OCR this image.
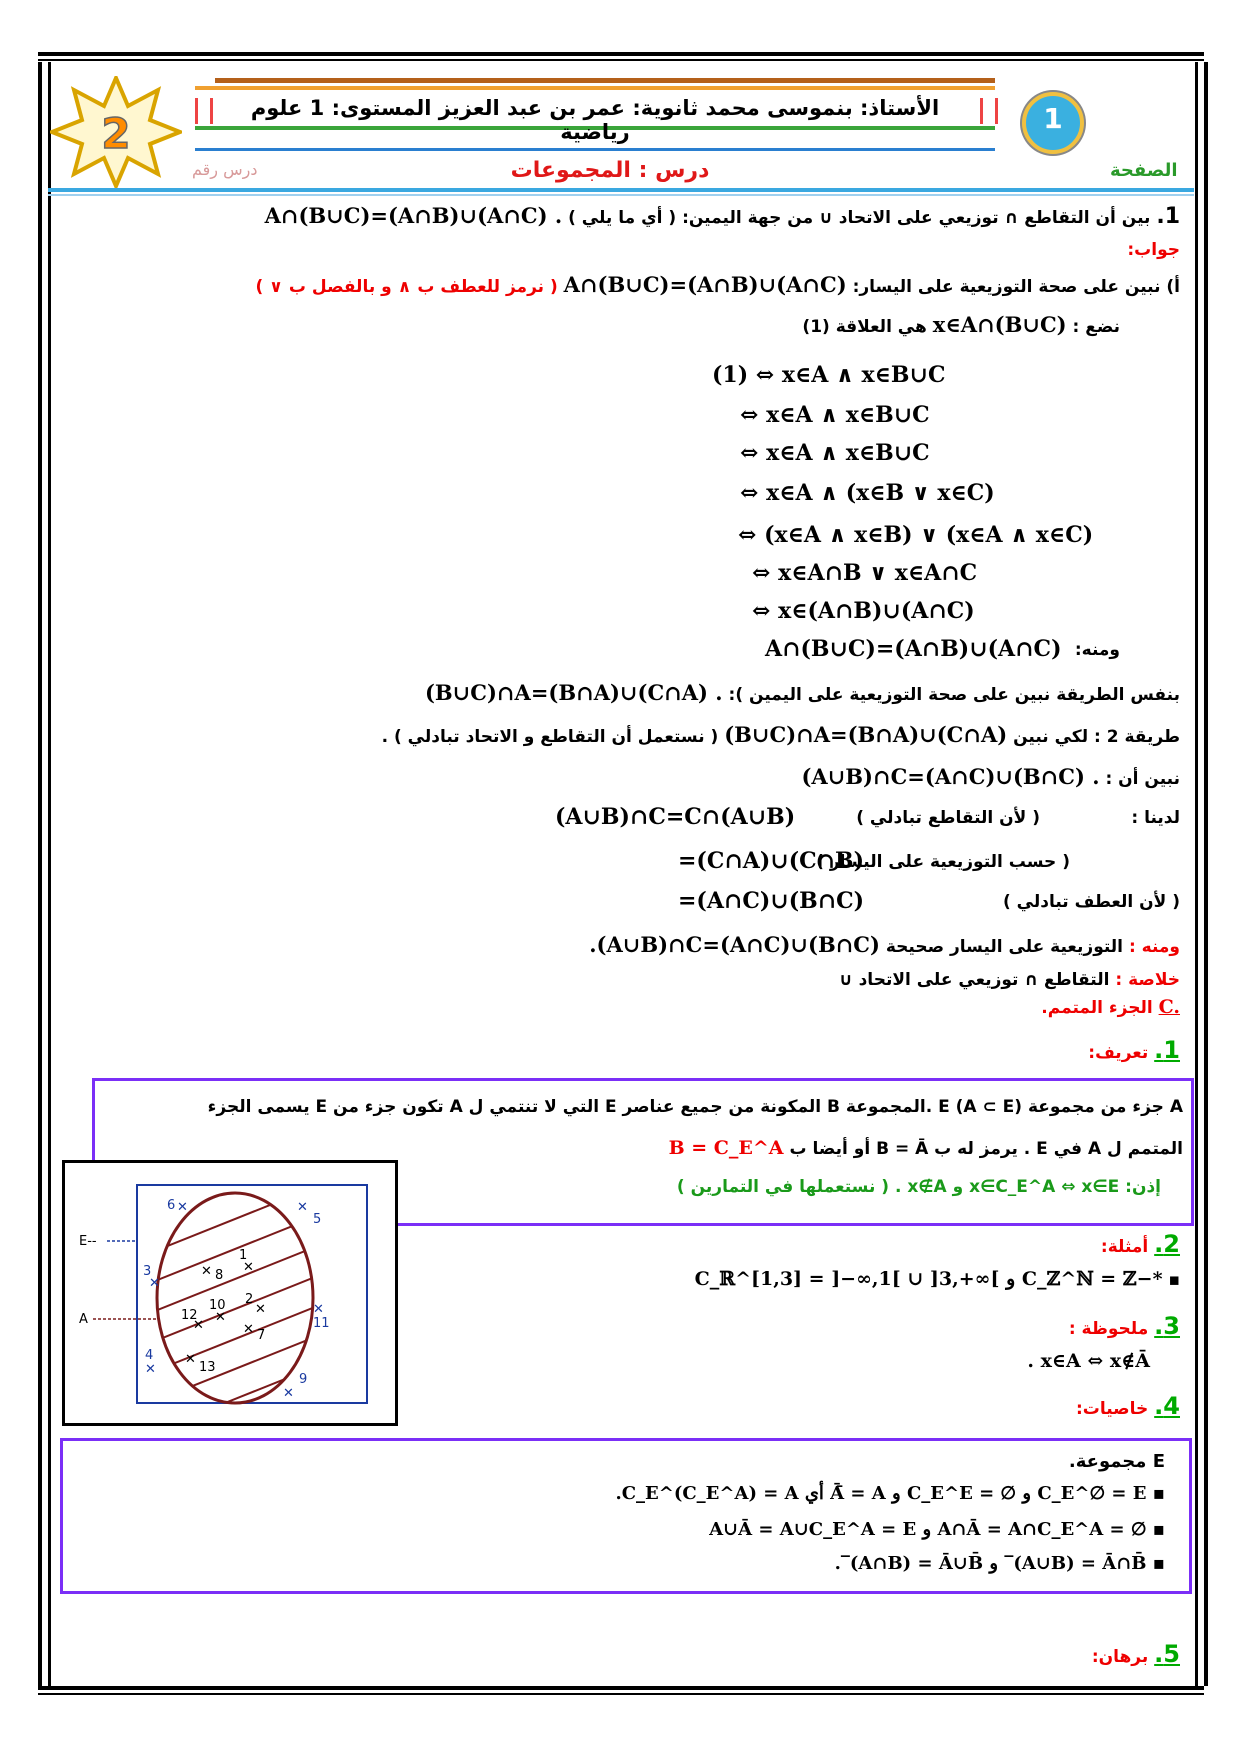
2
الأستاذ: بنموسى محمد ثانوية: عمر بن عبد العزيز المستوى: 1 علوم رياضية	1
الصفحة
درس : المجموعات
درس رقم
1. بين أن التقاطع ∩ توزيعي على الاتحاد ∪ من جهة اليمين: ( أي ما يلي ) A∩(B∪C)=(A∩B)∪(A∩C) .
جواب:
أ) نبين على صحة التوزيعية على اليسار: A∩(B∪C)=(A∩B)∪(A∩C) ( نرمز للعطف ب ∧ و بالفصل ب ∨ )
نضع : x∈A∩(B∪C) هي العلاقة (1)
(1) ⇔ x∈A ∧ x∈B∪C
⇔ x∈A ∧ x∈B∪C
⇔ x∈A ∧ x∈B∪C
⇔ x∈A ∧ (x∈B ∨ x∈C)
⇔ (x∈A ∧ x∈B) ∨ (x∈A ∧ x∈C)
⇔ x∈A∩B ∨ x∈A∩C
⇔ x∈(A∩B)∪(A∩C)
A∩(B∪C)=(A∩B)∪(A∩C) ومنه:
بنفس الطريقة نبين على صحة التوزيعية على اليمين ): (B∪C)∩A=(B∩A)∪(C∩A) .
طريقة 2 : لكي نبين (B∪C)∩A=(B∩A)∪(C∩A) ( نستعمل أن التقاطع و الاتحاد تبادلي ) .
نبين أن : (A∪B)∩C=(A∩C)∪(B∩C) .
لدينا :
( لأن التقاطع تبادلي )
(A∪B)∩C=C∩(A∪B)
( حسب التوزيعية على اليسار )
=(C∩A)∪(C∩B)
( لأن العطف تبادلي )
=(A∩C)∪(B∩C)
ومنه : التوزيعية على اليسار صحيحة .(A∪B)∩C=(A∩C)∪(B∩C)
خلاصة : التقاطع ∩ توزيعي على الاتحاد ∪
C. الجزء المتمم.
1. تعريف:
A جزء من مجموعة E (A ⊂ E) .المجموعة B المكونة من جميع عناصر E التي لا تنتمي ل A تكون جزء من E يسمى الجزء
المتمم ل A في E . يرمز له ب B = Ā أو أيضا ب B = C_E^A
إذن: x∈C_E^A ⇔ x∈E و x∉A . ( نستعملها في التمارين )
E--
A
6 ✕	✕
5
3
✕
✕
11
4
✕
✕
9
1
✕
✕ 8
10
✕
2
✕
12
✕	✕ 7
✕
13
2. أمثلة:
▪ C_ℝ^[1,3] = ]−∞,1[ ∪ ]3,+∞[ و C_ℤ^ℕ = ℤ−*
3. ملحوظة :
. x∈A ⇔ x∉Ā
4. خاصيات:
E مجموعة.
▪ .C_E^(C_E^A) = A أي Ā̄ = A و C_E^E = ∅ و C_E^∅ = E
▪ A∪Ā = A∪C_E^A = E و A∩Ā = A∩C_E^A = ∅
▪ .‾(A∩B) = Ā∪B̄ و ‾(A∪B) = Ā∩B̄
5. برهان:
